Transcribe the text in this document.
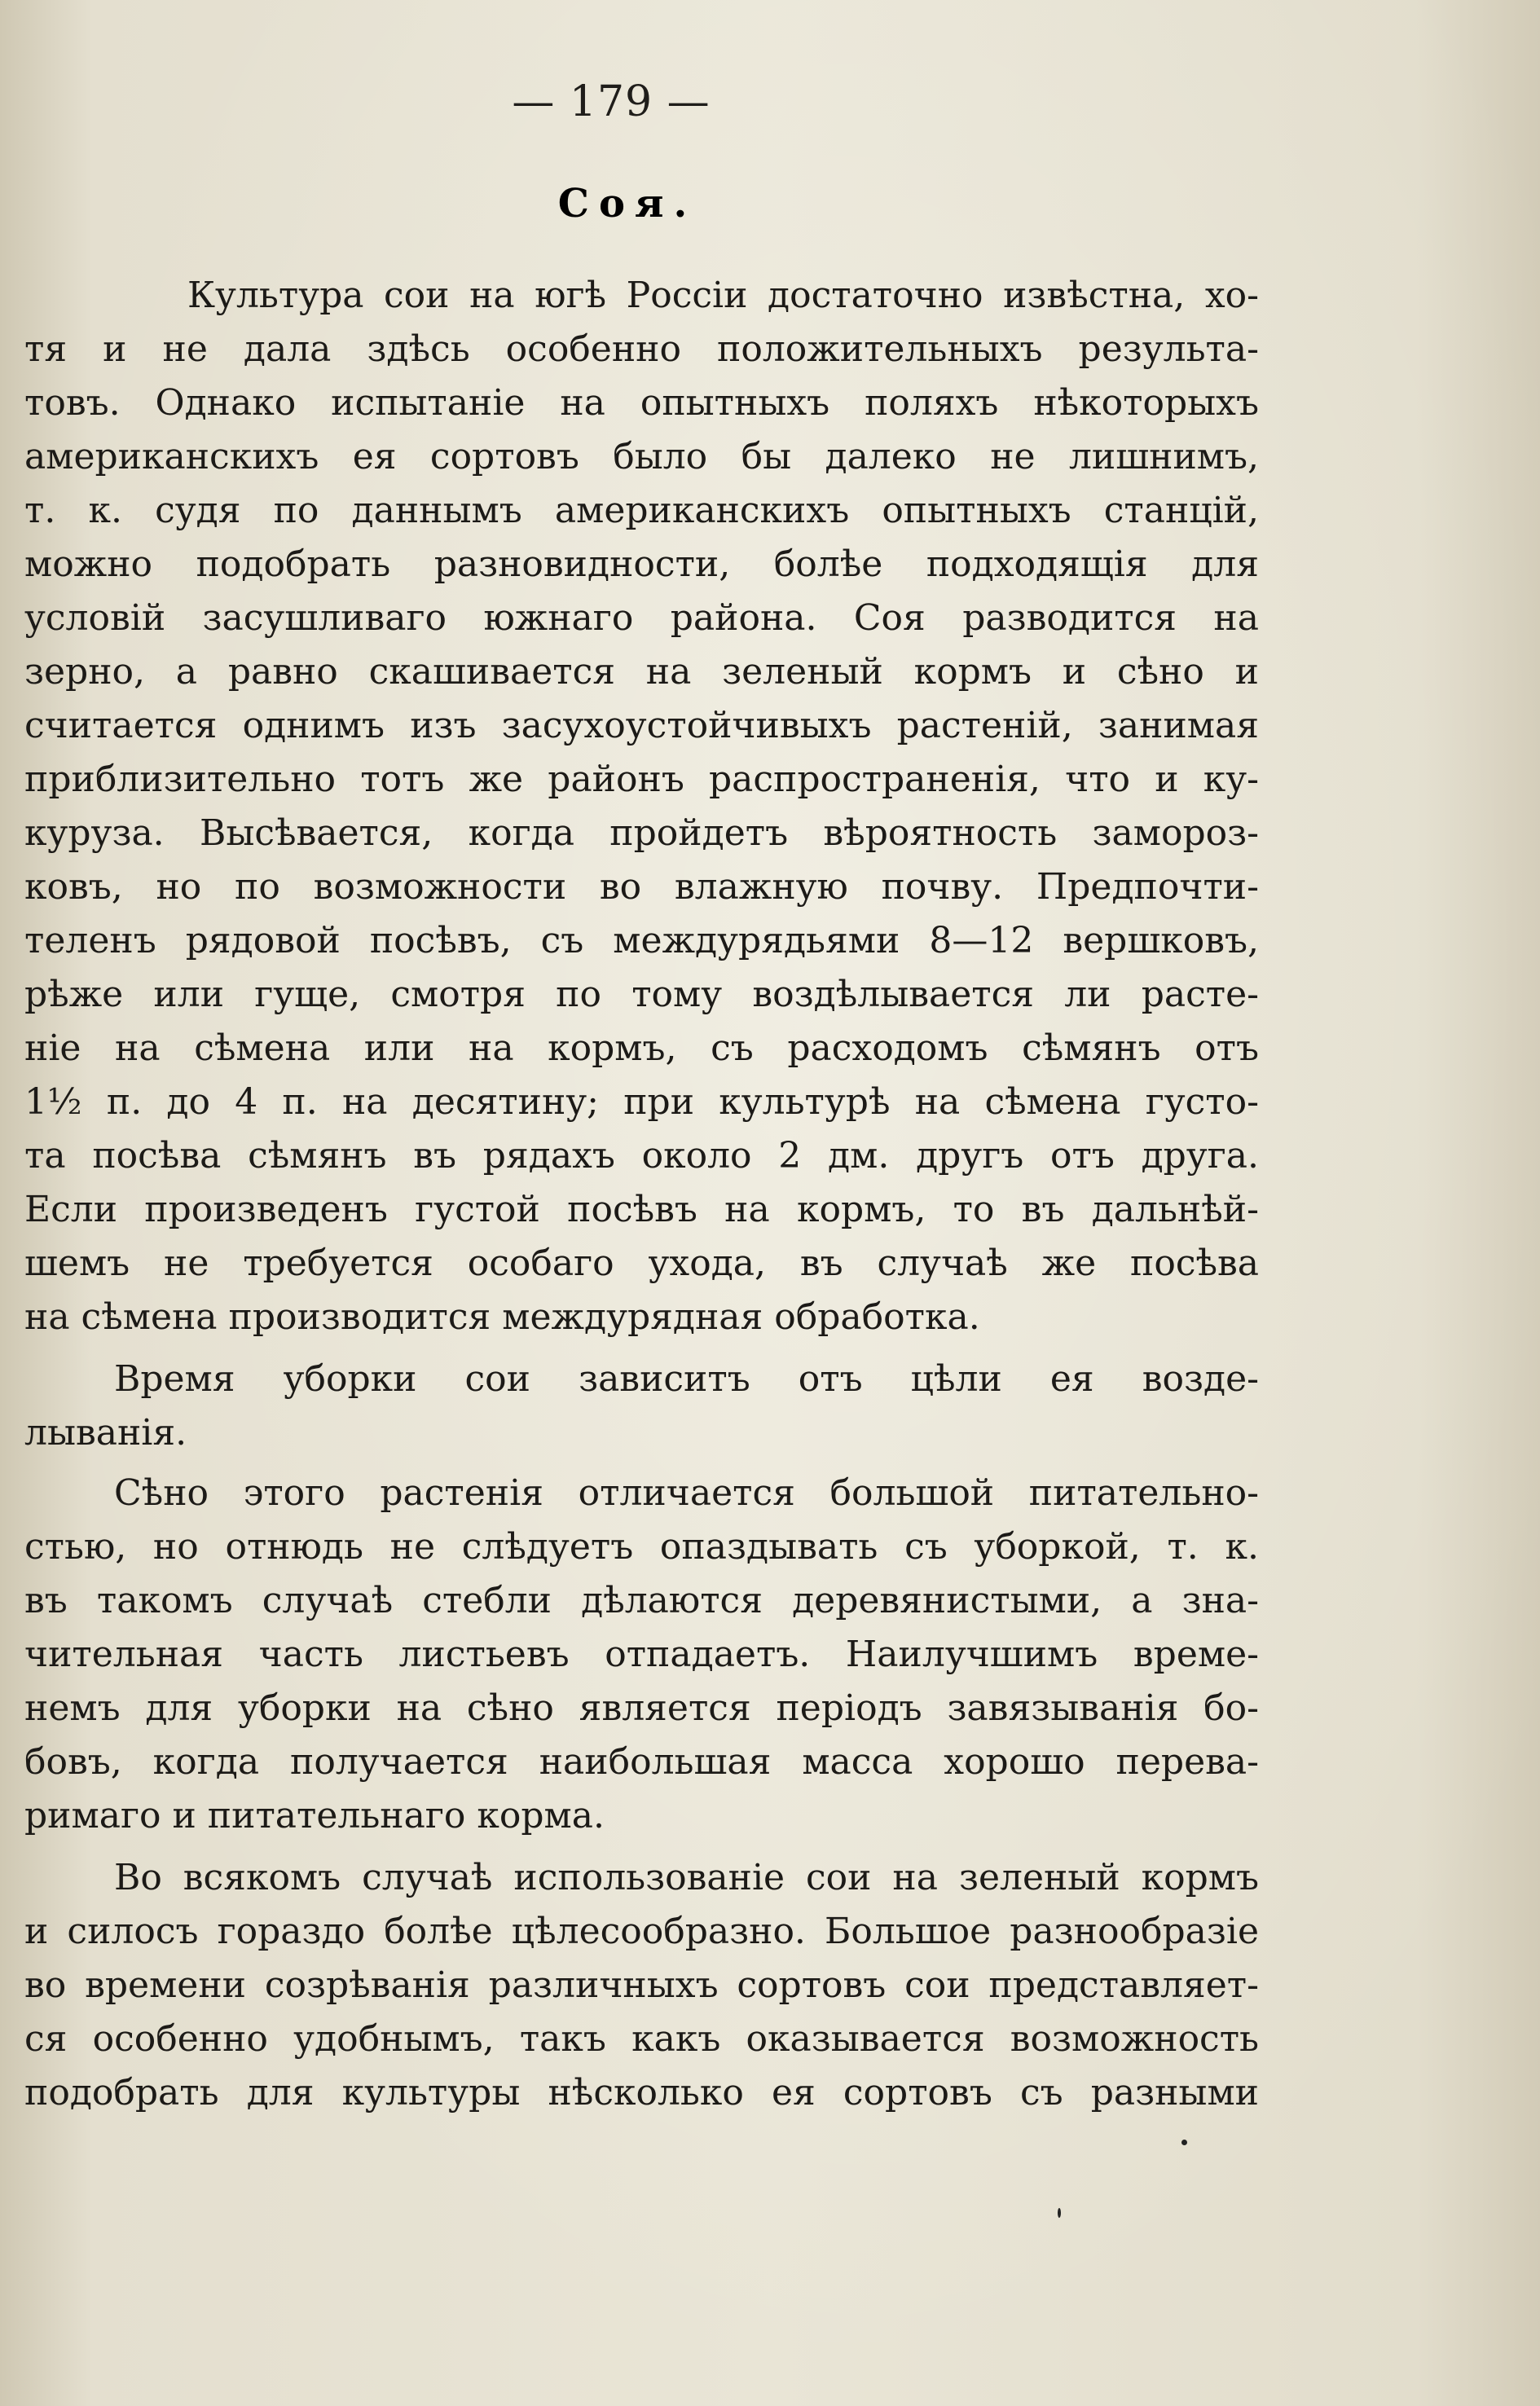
— 179 —
Соя.
Культура сои на югѣ Россіи достаточно извѣстна, хо-
тя и не дала здѣсь особенно положительныхъ результа-
товъ. Однако испытаніе на опытныхъ поляхъ нѣкоторыхъ
американскихъ ея сортовъ было бы далеко не лишнимъ,
т. к. судя по даннымъ американскихъ опытныхъ станцій,
можно подобрать разновидности, болѣе подходящія для
условій засушливаго южнаго района. Соя разводится на
зерно, а равно скашивается на зеленый кормъ и сѣно и
считается однимъ изъ засухоустойчивыхъ растеній, занимая
приблизительно тотъ же районъ распространенія, что и ку-
куруза. Высѣвается, когда пройдетъ вѣроятность замороз-
ковъ, но по возможности во влажную почву. Предпочти-
теленъ рядовой посѣвъ, съ междурядьями 8—12 вершковъ,
рѣже или гуще, смотря по тому воздѣлывается ли расте-
ніе на сѣмена или на кормъ, съ расходомъ сѣмянъ отъ
1½ п. до 4 п. на десятину; при культурѣ на сѣмена густо-
та посѣва сѣмянъ въ рядахъ около 2 дм. другъ отъ друга.
Если произведенъ густой посѣвъ на кормъ, то въ дальнѣй-
шемъ не требуется особаго ухода, въ случаѣ же посѣва
на сѣмена производится междурядная обработка.
Время уборки сои зависитъ отъ цѣли ея возде-
лыванія.
Сѣно этого растенія отличается большой питательно-
стью, но отнюдь не слѣдуетъ опаздывать съ уборкой, т. к.
въ такомъ случаѣ стебли дѣлаются деревянистыми, а зна-
чительная часть листьевъ отпадаетъ. Наилучшимъ време-
немъ для уборки на сѣно является періодъ завязыванія бо-
бовъ, когда получается наибольшая масса хорошо перева-
римаго и питательнаго корма.
Во всякомъ случаѣ использованіе сои на зеленый кормъ
и силосъ гораздо болѣе цѣлесообразно. Большое разнообразіе
во времени созрѣванія различныхъ сортовъ сои представляет-
ся особенно удобнымъ, такъ какъ оказывается возможность
подобрать для культуры нѣсколько ея сортовъ съ разными
